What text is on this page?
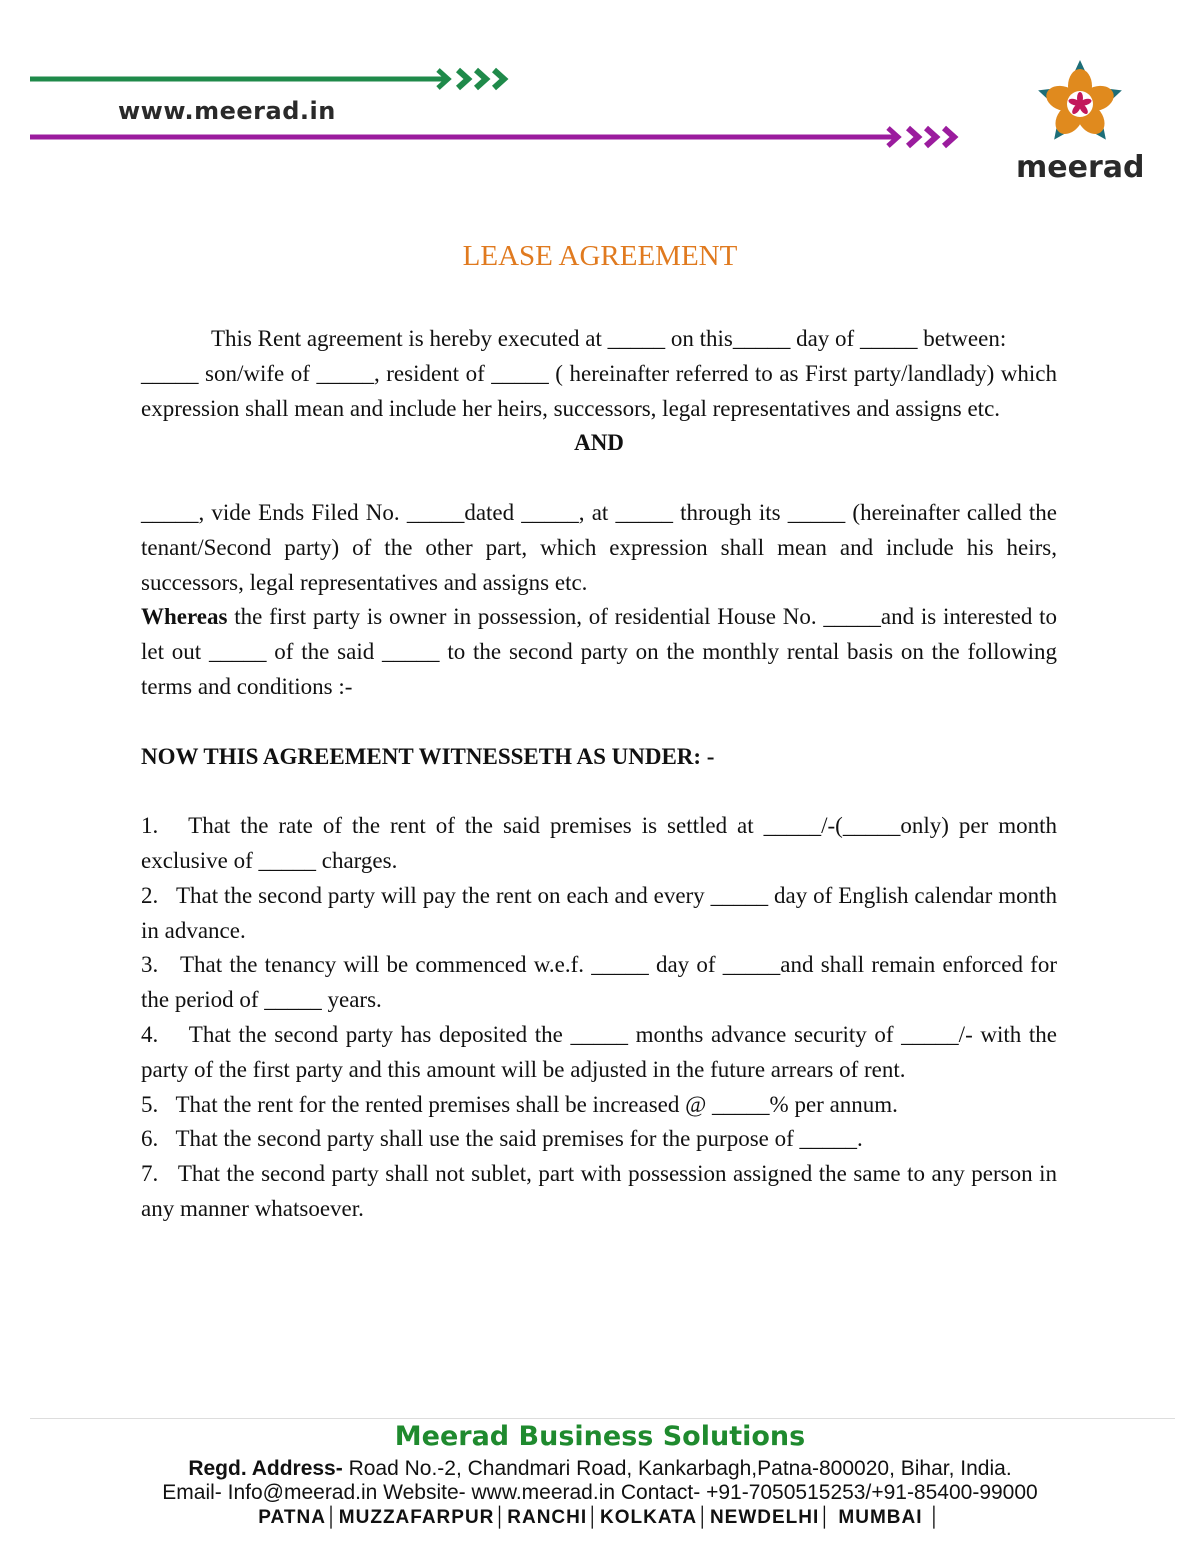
www.meerad.in
meerad
LEASE AGREEMENT

This Rent agreement is hereby executed at _____ on this_____ day of _____ between:

_____ son/wife of _____, resident of _____ ( hereinafter referred to as First party/landlady) which expression shall mean and include her heirs, successors, legal representatives and assigns etc.

AND

_____, vide Ends Filed No. _____dated _____, at _____ through its _____ (hereinafter called the tenant/Second party) of the other part, which expression shall mean and include his heirs, successors, legal representatives and assigns etc.

Whereas the first party is owner in possession, of residential House No. _____and is interested to let out _____ of the said _____ to the second party on the monthly rental basis on the following terms and conditions :-

NOW THIS AGREEMENT WITNESSETH AS UNDER: -

1.   That the rate of the rent of the said premises is settled at _____/-(_____only) per month exclusive of _____ charges.

2.   That the second party will pay the rent on each and every _____ day of English calendar month in advance.

3.   That the tenancy will be commenced w.e.f. _____ day of _____and shall remain enforced for the period of _____ years.

4.    That the second party has deposited the _____ months advance security of _____/- with the party of the first party and this amount will be adjusted in the future arrears of rent.

5.   That the rent for the rented premises shall be increased @ _____% per annum.

6.   That the second party shall use the said premises for the purpose of _____.

7.   That the second party shall not sublet, part with possession assigned the same to any person in any manner whatsoever.

Meerad Business Solutions
Regd. Address- Road No.-2, Chandmari Road, Kankarbagh,Patna-800020, Bihar, India.
Email- Info@meerad.in Website- www.meerad.in Contact- +91-7050515253/+91-85400-99000
PATNA│MUZZAFARPUR│RANCHI│KOLKATA│NEWDELHI│ MUMBAI │
